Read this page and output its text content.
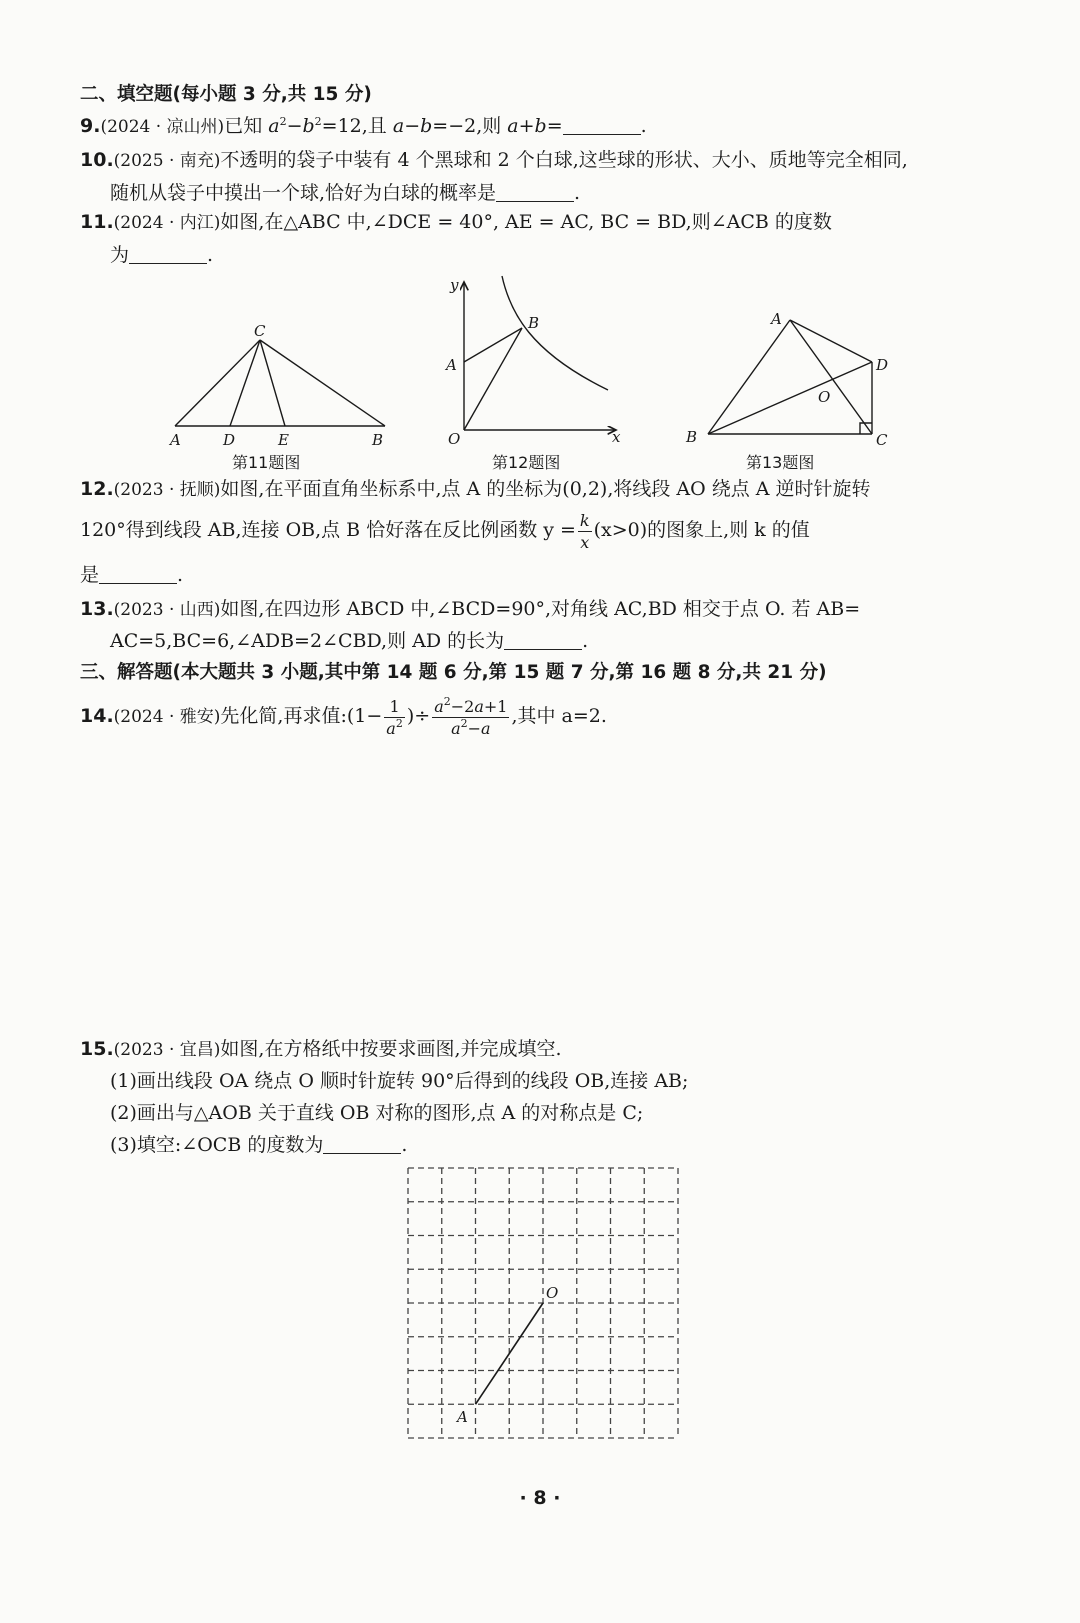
二、填空题(每小题 3 分,共 15 分)
9.(2024 · 凉山州)已知 $a^2-b^2=12$,且 a−b=−2,则 a+b=	.
10.(2025 · 南充)不透明的袋子中装有 4 个黑球和 2 个白球,这些球的形状、大小、质地等完全相同,
随机从袋子中摸出一个球,恰好为白球的概率是	.
11.(2024 · 内江)如图,在△ABC 中,∠DCE = 40°, AE = AC, BC = BD,则∠ACB 的度数
为	.
C
A	D	E	B
第11题图
y
B
A
O	x
第12题图
A
D
O
B	C
第13题图
12.(2023 · 抚顺)如图,在平面直角坐标系中,点 A 的坐标为(0,2),将线段 AO 绕点 A 逆时针旋转
120°得到线段 AB,连接 OB,点 B 恰好落在反比例函数 $y = \frac{k}{x} (x>0)$的图象上,则 k 的值
是	.
13.(2023 · 山西)如图,在四边形 ABCD 中,∠BCD=90°,对角线 AC,BD 相交于点 O. 若 AB=
AC=5,BC=6,∠ADB=2∠CBD,则 AD 的长为	.
三、解答题(本大题共 3 小题,其中第 14 题 6 分,第 15 题 7 分,第 16 题 8 分,共 21 分)
14.(2024 · 雅安)先化简,再求值:(1− $\frac{1}{a^2}$ )÷ $\frac{a^2-2a+1}{a^2-a}$ ,其中 a=2.
15.(2023 · 宜昌)如图,在方格纸中按要求画图,并完成填空.
(1)画出线段 OA 绕点 O 顺时针旋转 90°后得到的线段 OB,连接 AB;
(2)画出与△AOB 关于直线 OB 对称的图形,点 A 的对称点是 C;
(3)填空:∠OCB 的度数为	.
O
A
· 8 ·
